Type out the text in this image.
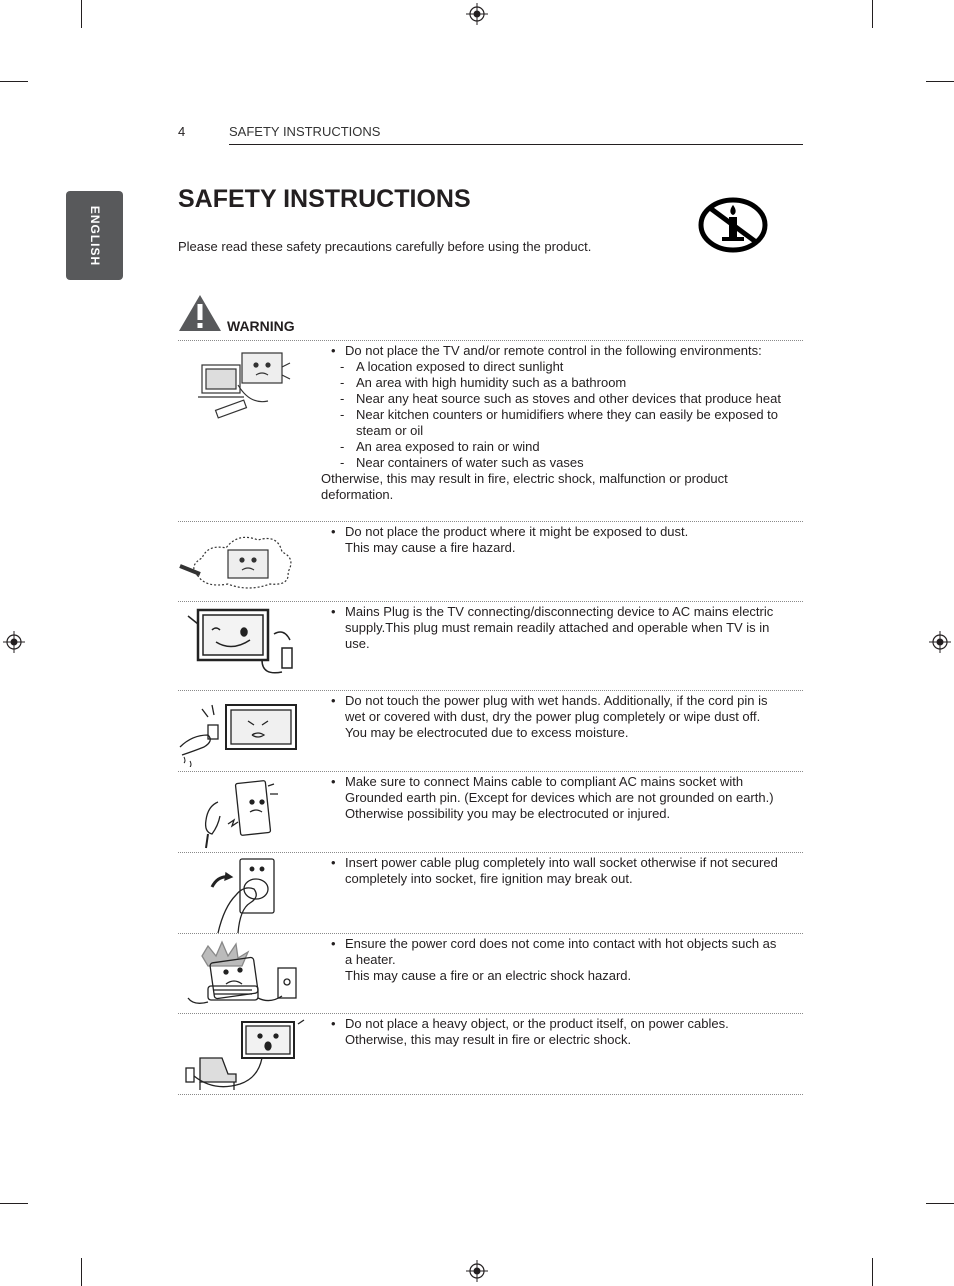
ENGLISH
4	SAFETY INSTRUCTIONS
SAFETY INSTRUCTIONS
Please read these safety precautions carefully before using the product.
WARNING
• Do not place the TV and/or remote control in the following environments:
- A location exposed to direct sunlight
- An area with high humidity such as a bathroom
- Near any heat source such as stoves and other devices that produce heat
- Near kitchen counters or humidifiers where they can easily be exposed to steam or oil
- An area exposed to rain or wind
- Near containers of water such as vases
Otherwise, this may result in fire, electric shock, malfunction or product deformation.
• Do not place the product where it might be exposed to dust.
This may cause a fire hazard.
• Mains Plug is the TV connecting/disconnecting device to AC mains electric supply.This plug must remain readily attached and operable when TV is in use.
• Do not touch the power plug with wet hands. Additionally, if the cord pin is wet or covered with dust, dry the power plug completely or wipe dust off.
You may be electrocuted due to excess moisture.
• Make sure to connect Mains cable to compliant AC mains socket with Grounded earth pin. (Except for devices which are not grounded on earth.) Otherwise possibility you may be electrocuted or injured.
• Insert power cable plug completely into wall socket otherwise if not secured completely into socket, fire ignition may break out.
• Ensure the power cord does not come into contact with hot objects such as a heater.
This may cause a fire or an electric shock hazard.
• Do not place a heavy object, or the product itself, on power cables.
Otherwise, this may result in fire or electric shock.
